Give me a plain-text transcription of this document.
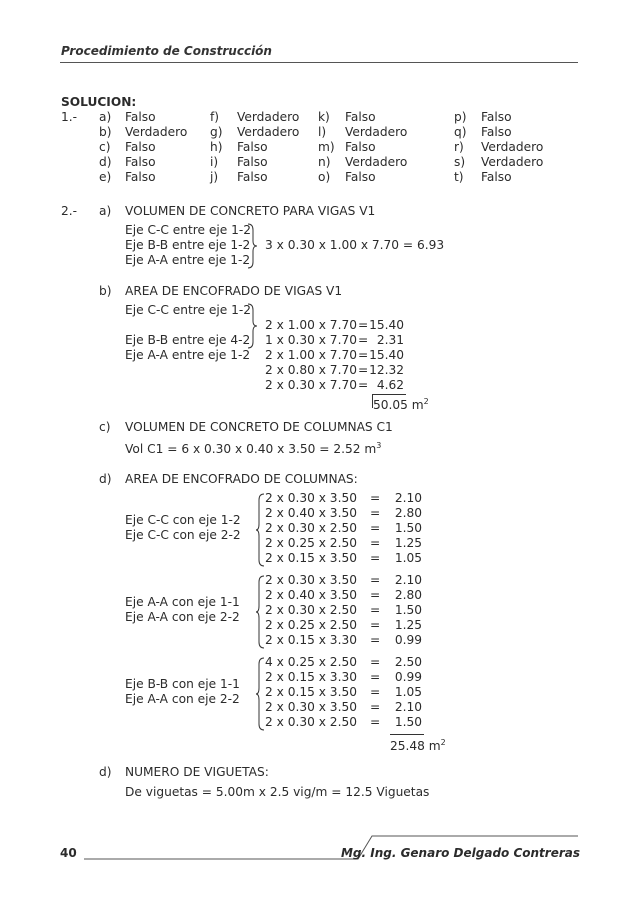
Procedimiento de Construcción
SOLUCION:
1.- a) Falso
b) Verdadero
c) Falso
d) Falso
e) Falso
f) Verdadero
g) Verdadero
h) Falso
i) Falso
j) Falso
k) Falso
l) Verdadero
m) Falso
n) Verdadero
o) Falso
p) Falso
q) Falso
r) Verdadero
s) Verdadero
t) Falso
2.- a) VOLUMEN DE CONCRETO PARA VIGAS V1
Eje C-C entre eje 1-2
Eje B-B entre eje 1-2
Eje A-A entre eje 1-2
3 x 0.30 x 1.00 x 7.70 = 6.93
b) AREA DE ENCOFRADO DE VIGAS V1
Eje C-C entre eje 1-2
Eje B-B entre eje 4-2
Eje A-A entre eje 1-2
2 x 1.00 x 7.70 = 15.40
1 x 0.30 x 7.70 = 2.31
2 x 1.00 x 7.70 = 15.40
2 x 0.80 x 7.70 = 12.32
2 x 0.30 x 7.70 = 4.62
50.05 $m^2$
c) VOLUMEN DE CONCRETO DE COLUMNAS C1
Vol C1 = 6 x 0.30 x 0.40 x 3.50 = 2.52 $m^3$
d) AREA DE ENCOFRADO DE COLUMNAS:
Eje C-C con eje 1-2
Eje C-C con eje 2-2
2 x 0.30 x 3.50 =	2.10
2 x 0.40 x 3.50 =	2.80
2 x 0.30 x 2.50 =	1.50
2 x 0.25 x 2.50 =	1.25
2 x 0.15 x 3.50 =	1.05
Eje A-A con eje 1-1
Eje A-A con eje 2-2
2 x 0.30 x 3.50 =	2.10
2 x 0.40 x 3.50 =	2.80
2 x 0.30 x 2.50 =	1.50
2 x 0.25 x 2.50 =	1.25
2 x 0.15 x 3.30 =	0.99
Eje B-B con eje 1-1
Eje A-A con eje 2-2
4 x 0.25 x 2.50 =	2.50
2 x 0.15 x 3.30 =	0.99
2 x 0.15 x 3.50 =	1.05
2 x 0.30 x 3.50 =	2.10
2 x 0.30 x 2.50 =	1.50
25.48 $m^2$
d) NUMERO DE VIGUETAS:
De viguetas = 5.00m x 2.5 vig/m = 12.5 Viguetas
40	Mg. Ing. Genaro Delgado Contreras
